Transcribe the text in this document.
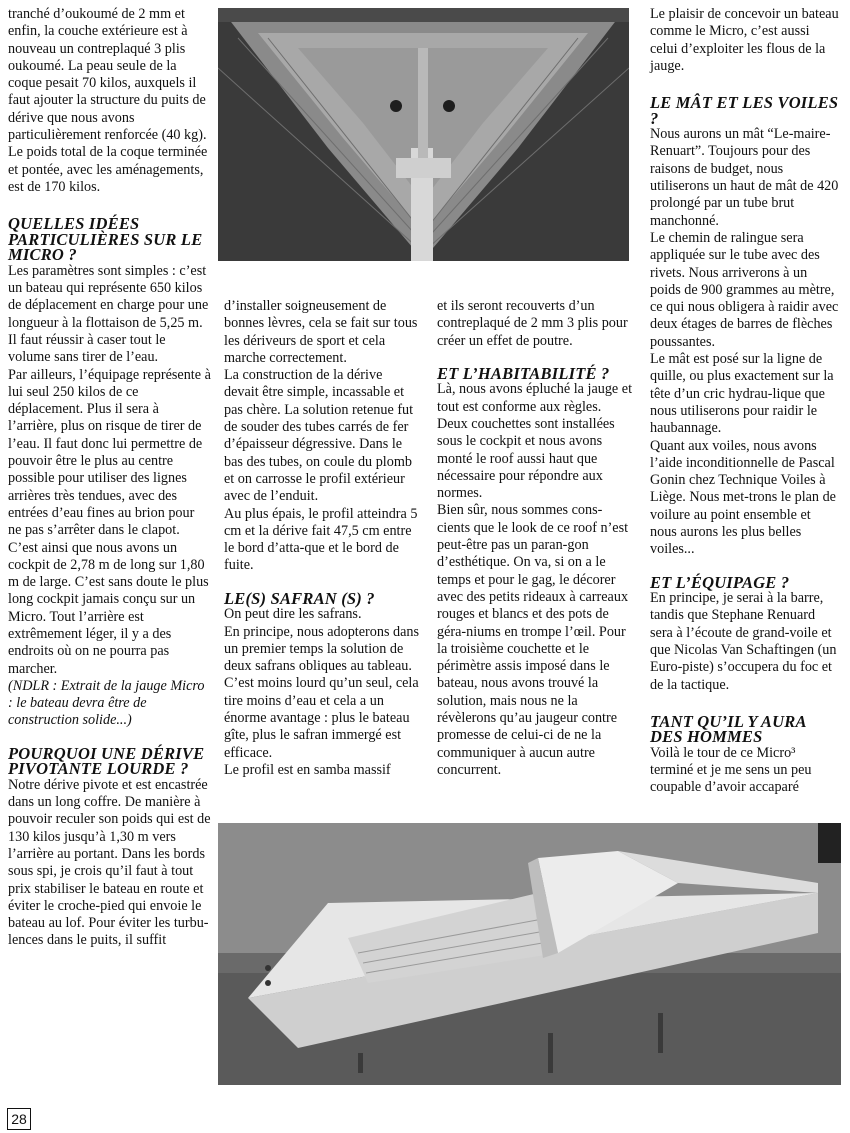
tranché d’oukoumé de 2 mm et enfin, la couche extérieure est à nouveau un contreplaqué 3 plis oukoumé. La peau seule de la coque pesait 70 kilos, auxquels il faut ajouter la structure du puits de dérive que nous avons particulièrement renforcée (40 kg). Le poids total de la coque terminée et pontée, avec les aménagements, est de 170 kilos.

QUELLES IDÉES PARTICULIÈRES SUR LE MICRO ?

Les paramètres sont simples : c’est un bateau qui représente 650 kilos de déplacement en charge pour une longueur à la flottaison de 5,25 m. Il faut réussir à caser tout le volume sans tirer de l’eau.

Par ailleurs, l’équipage représente à lui seul 250 kilos de ce déplacement. Plus il sera à l’arrière, plus on risque de tirer de l’eau. Il faut donc lui permettre de pouvoir être le plus au centre possible pour utiliser des lignes arrières très tendues, avec des entrées d’eau fines au brion pour ne pas s’arrêter dans le clapot. C’est ainsi que nous avons un cockpit de 2,78 m de long sur 1,80 m de large. C’est sans doute le plus long cockpit jamais conçu sur un Micro. Tout l’arrière est extrêmement léger, il y a des endroits où on ne pourra pas marcher.

(NDLR : Extrait de la jauge Micro : le bateau devra être de construction solide...)

POURQUOI UNE DÉRIVE PIVOTANTE LOURDE ?

Notre dérive pivote et est encastrée dans un long coffre. De manière à pouvoir reculer son poids qui est de 130 kilos jusqu’à 1,30 m vers l’arrière au portant. Dans les bords sous spi, je crois qu’il faut à tout prix stabiliser le bateau en route et éviter le croche-pied qui envoie le bateau au lof. Pour éviter les turbu-lences dans le puits, il suffit

d’installer soigneusement de bonnes lèvres, cela se fait sur tous les dériveurs de sport et cela marche correctement.

La construction de la dérive devait être simple, incassable et pas chère. La solution retenue fut de souder des tubes carrés de fer d’épaisseur dégressive. Dans le bas des tubes, on coule du plomb et on carrosse le profil extérieur avec de l’enduit.

Au plus épais, le profil atteindra 5 cm et la dérive fait 47,5 cm entre le bord d’atta-que et le bord de fuite.

LE(S) SAFRAN (S) ?

On peut dire les safrans.

En principe, nous adopterons dans un premier temps la solution de deux safrans obliques au tableau. C’est moins lourd qu’un seul, cela tire moins d’eau et cela a un énorme avantage : plus le bateau gîte, plus le safran immergé est efficace.

Le profil est en samba massif

et ils seront recouverts d’un contreplaqué de 2 mm 3 plis pour créer un effet de poutre.

ET L’HABITABILITÉ ?

Là, nous avons épluché la jauge et tout est conforme aux règles. Deux couchettes sont installées sous le cockpit et nous avons monté le roof aussi haut que nécessaire pour répondre aux normes.

Bien sûr, nous sommes cons-cients que le look de ce roof n’est peut-être pas un paran-gon d’esthétique. On va, si on a le temps et pour le gag, le décorer avec des petits rideaux à carreaux rouges et blancs et des pots de géra-niums en trompe l’œil. Pour la troisième couchette et le périmètre assis imposé dans le bateau, nous avons trouvé la solution, mais nous ne la révèlerons qu’au jaugeur contre promesse de celui-ci de ne la communiquer à aucun autre concurrent.

Le plaisir de concevoir un bateau comme le Micro, c’est aussi celui d’exploiter les flous de la jauge.

LE MÂT ET LES VOILES ?

Nous aurons un mât “Le-maire-Renuart”. Toujours pour des raisons de budget, nous utiliserons un haut de mât de 420 prolongé par un tube brut manchonné.

Le chemin de ralingue sera appliquée sur le tube avec des rivets. Nous arriverons à un poids de 900 grammes au mètre, ce qui nous obligera à raidir avec deux étages de barres de flèches poussantes.

Le mât est posé sur la ligne de quille, ou plus exactement sur la tête d’un cric hydrau-lique que nous utiliserons pour raidir le haubannage.

Quant aux voiles, nous avons l’aide inconditionnelle de Pascal Gonin chez Technique Voiles à Liège. Nous met-trons le plan de voilure au point ensemble et nous aurons les plus belles voiles...

ET L’ÉQUIPAGE ?

En principe, je serai à la barre, tandis que Stephane Renuard sera à l’écoute de grand-voile et que Nicolas Van Schaftingen (un Euro-piste) s’occupera du foc et de la tactique.

TANT QU’IL Y AURA DES HOMMES

Voilà le tour de ce Micro³ terminé et je me sens un peu coupable d’avoir accaparé

28
